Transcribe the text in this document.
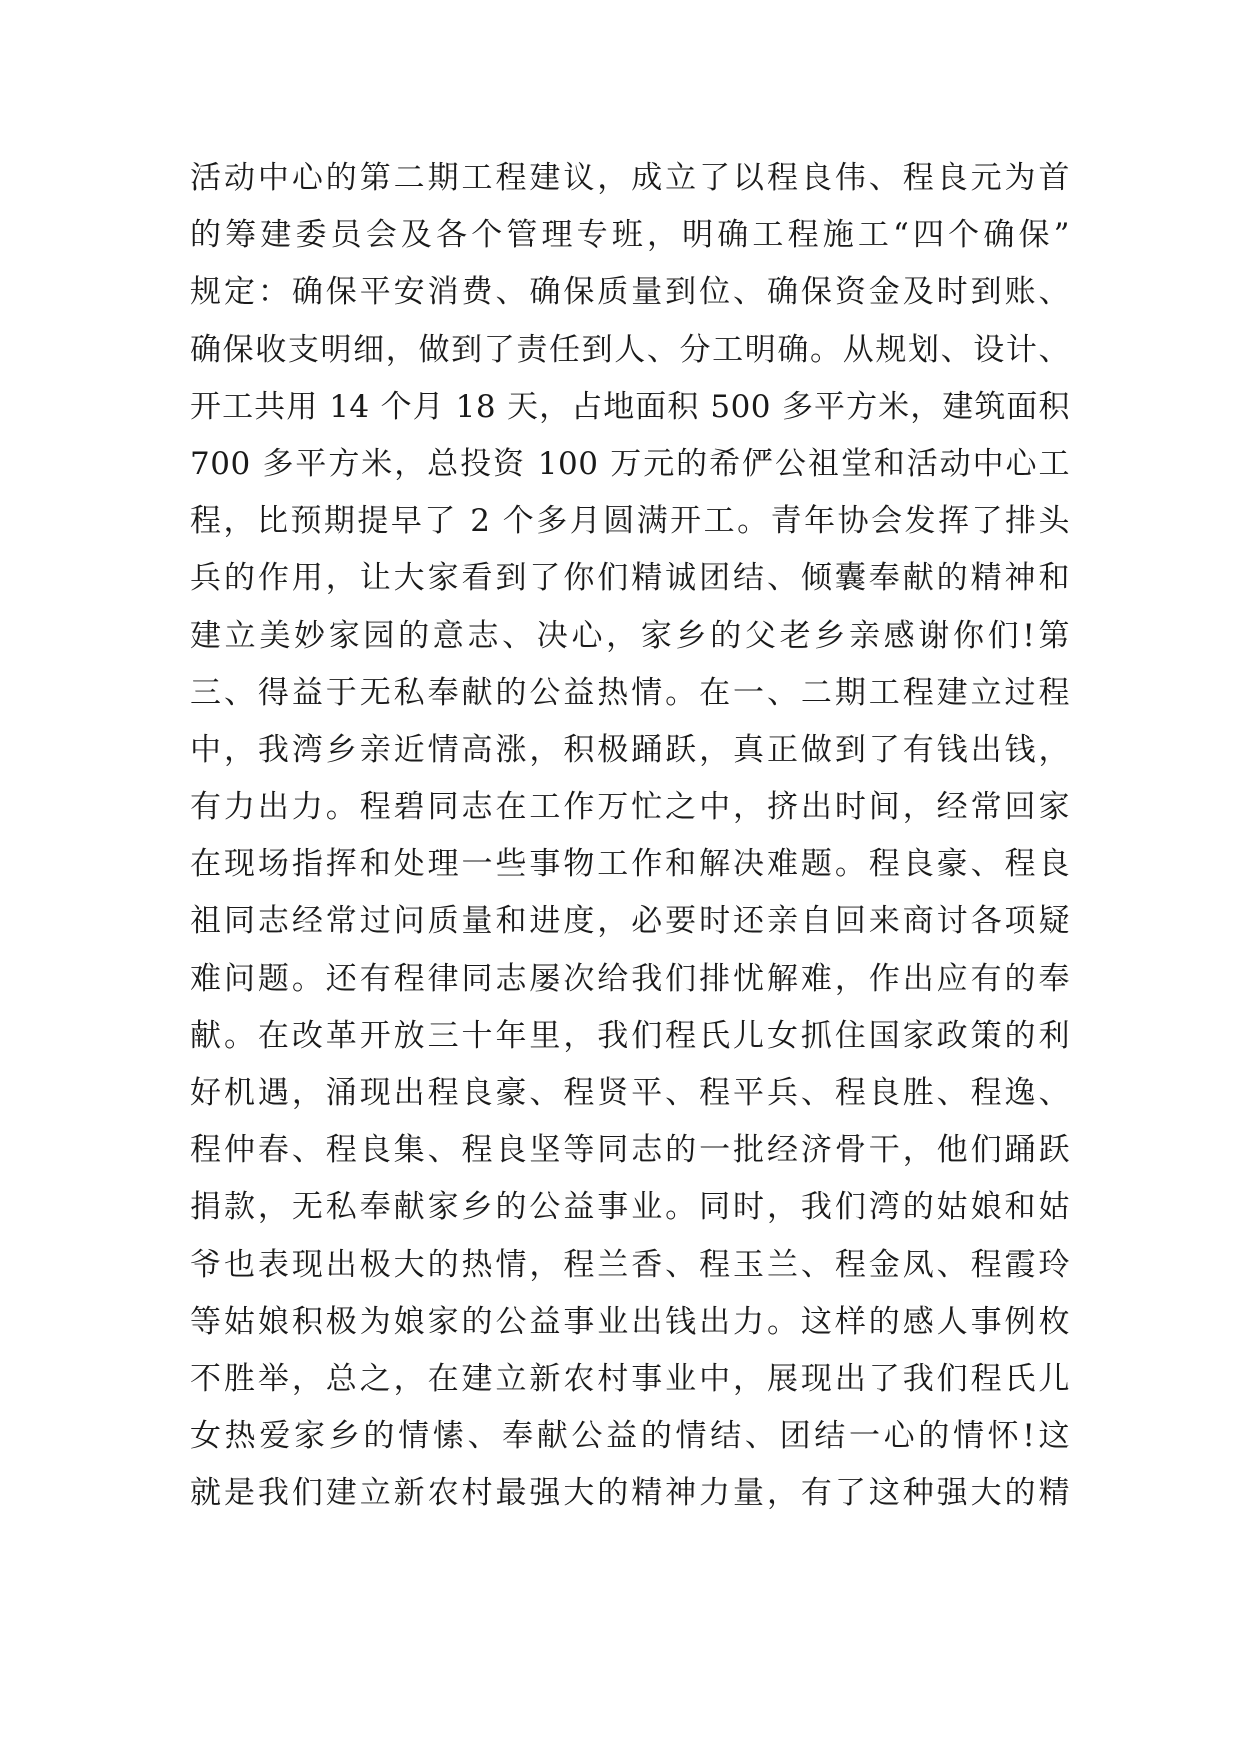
活动中心的第二期工程建议，成立了以程良伟、程良元为首
的筹建委员会及各个管理专班，明确工程施工“四个确保”
规定：确保平安消费、确保质量到位、确保资金及时到账、
确保收支明细，做到了责任到人、分工明确。从规划、设计、
开工共用 14 个月 18 天，占地面积 500 多平方米，建筑面积
700 多平方米，总投资 100 万元的希俨公祖堂和活动中心工
程，比预期提早了 2 个多月圆满开工。青年协会发挥了排头
兵的作用，让大家看到了你们精诚团结、倾囊奉献的精神和
建立美妙家园的意志、决心，家乡的父老乡亲感谢你们!第
三、得益于无私奉献的公益热情。在一、二期工程建立过程
中，我湾乡亲近情高涨，积极踊跃，真正做到了有钱出钱，
有力出力。程碧同志在工作万忙之中，挤出时间，经常回家
在现场指挥和处理一些事物工作和解决难题。程良豪、程良
祖同志经常过问质量和进度，必要时还亲自回来商讨各项疑
难问题。还有程律同志屡次给我们排忧解难，作出应有的奉
献。在改革开放三十年里，我们程氏儿女抓住国家政策的利
好机遇，涌现出程良豪、程贤平、程平兵、程良胜、程逸、
程仲春、程良集、程良坚等同志的一批经济骨干，他们踊跃
捐款，无私奉献家乡的公益事业。同时，我们湾的姑娘和姑
爷也表现出极大的热情，程兰香、程玉兰、程金凤、程霞玲
等姑娘积极为娘家的公益事业出钱出力。这样的感人事例枚
不胜举，总之，在建立新农村事业中，展现出了我们程氏儿
女热爱家乡的情愫、奉献公益的情结、团结一心的情怀!这
就是我们建立新农村最强大的精神力量，有了这种强大的精
